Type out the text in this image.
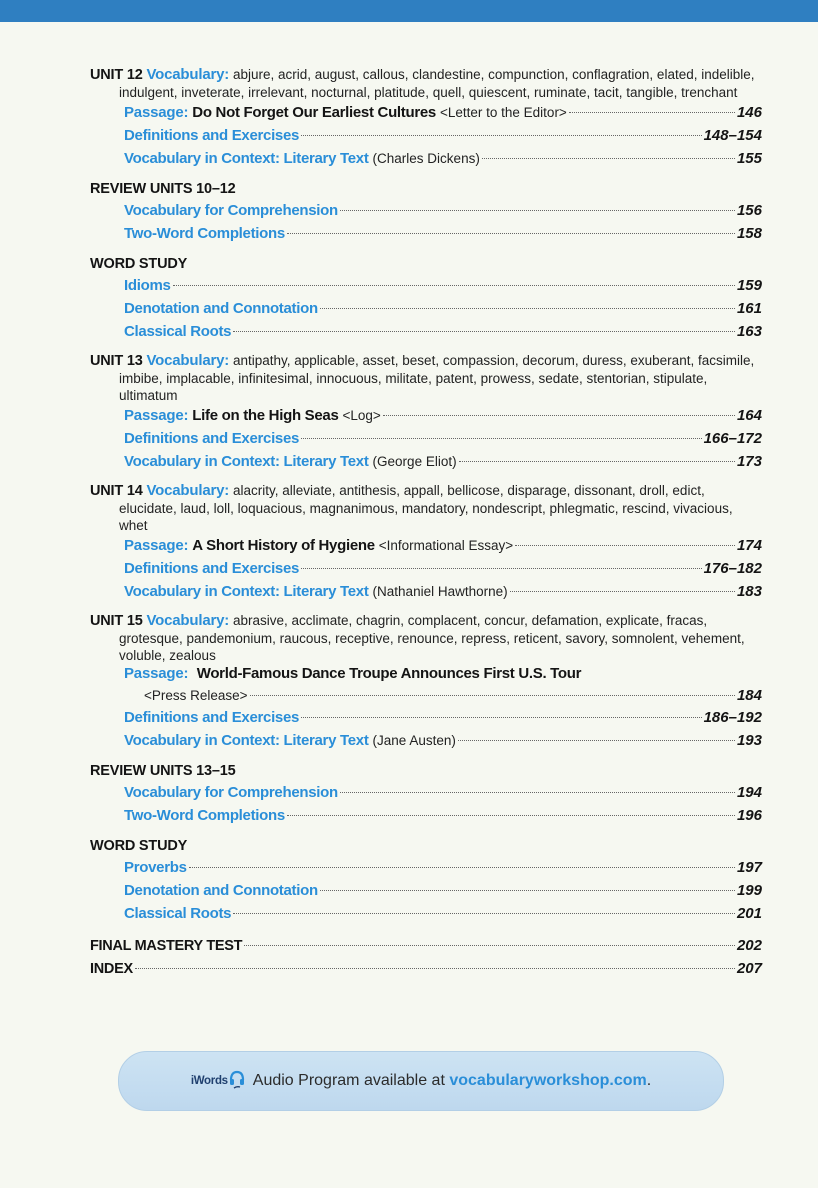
UNIT 12 Vocabulary: abjure, acrid, august, callous, clandestine, compunction, conflagration, elated, indelible, indulgent, inveterate, irrelevant, nocturnal, platitude, quell, quiescent, ruminate, tacit, tangible, trenchant
Passage: Do Not Forget Our Earliest Cultures <Letter to the Editor>	146
Definitions and Exercises	148–154
Vocabulary in Context: Literary Text (Charles Dickens)	155
REVIEW UNITS 10–12
Vocabulary for Comprehension	156
Two-Word Completions	158
WORD STUDY
Idioms	159
Denotation and Connotation	161
Classical Roots	163
UNIT 13 Vocabulary: antipathy, applicable, asset, beset, compassion, decorum, duress, exuberant, facsimile, imbibe, implacable, infinitesimal, innocuous, militate, patent, prowess, sedate, stentorian, stipulate, ultimatum
Passage: Life on the High Seas <Log>	164
Definitions and Exercises	166–172
Vocabulary in Context: Literary Text (George Eliot)	173
UNIT 14 Vocabulary: alacrity, alleviate, antithesis, appall, bellicose, disparage, dissonant, droll, edict, elucidate, laud, loll, loquacious, magnanimous, mandatory, nondescript, phlegmatic, rescind, vivacious, whet
Passage: A Short History of Hygiene <Informational Essay>	174
Definitions and Exercises	176–182
Vocabulary in Context: Literary Text (Nathaniel Hawthorne)	183
UNIT 15 Vocabulary: abrasive, acclimate, chagrin, complacent, concur, defamation, explicate, fracas, grotesque, pandemonium, raucous, receptive, renounce, repress, reticent, savory, somnolent, vehement, voluble, zealous
Passage: World-Famous Dance Troupe Announces First U.S. Tour
<Press Release>	184
Definitions and Exercises	186–192
Vocabulary in Context: Literary Text (Jane Austen)	193
REVIEW UNITS 13–15
Vocabulary for Comprehension	194
Two-Word Completions	196
WORD STUDY
Proverbs	197
Denotation and Connotation	199
Classical Roots	201
FINAL MASTERY TEST	202
INDEX	207
iWords Audio Program available at
vocabularyworkshop.com .
